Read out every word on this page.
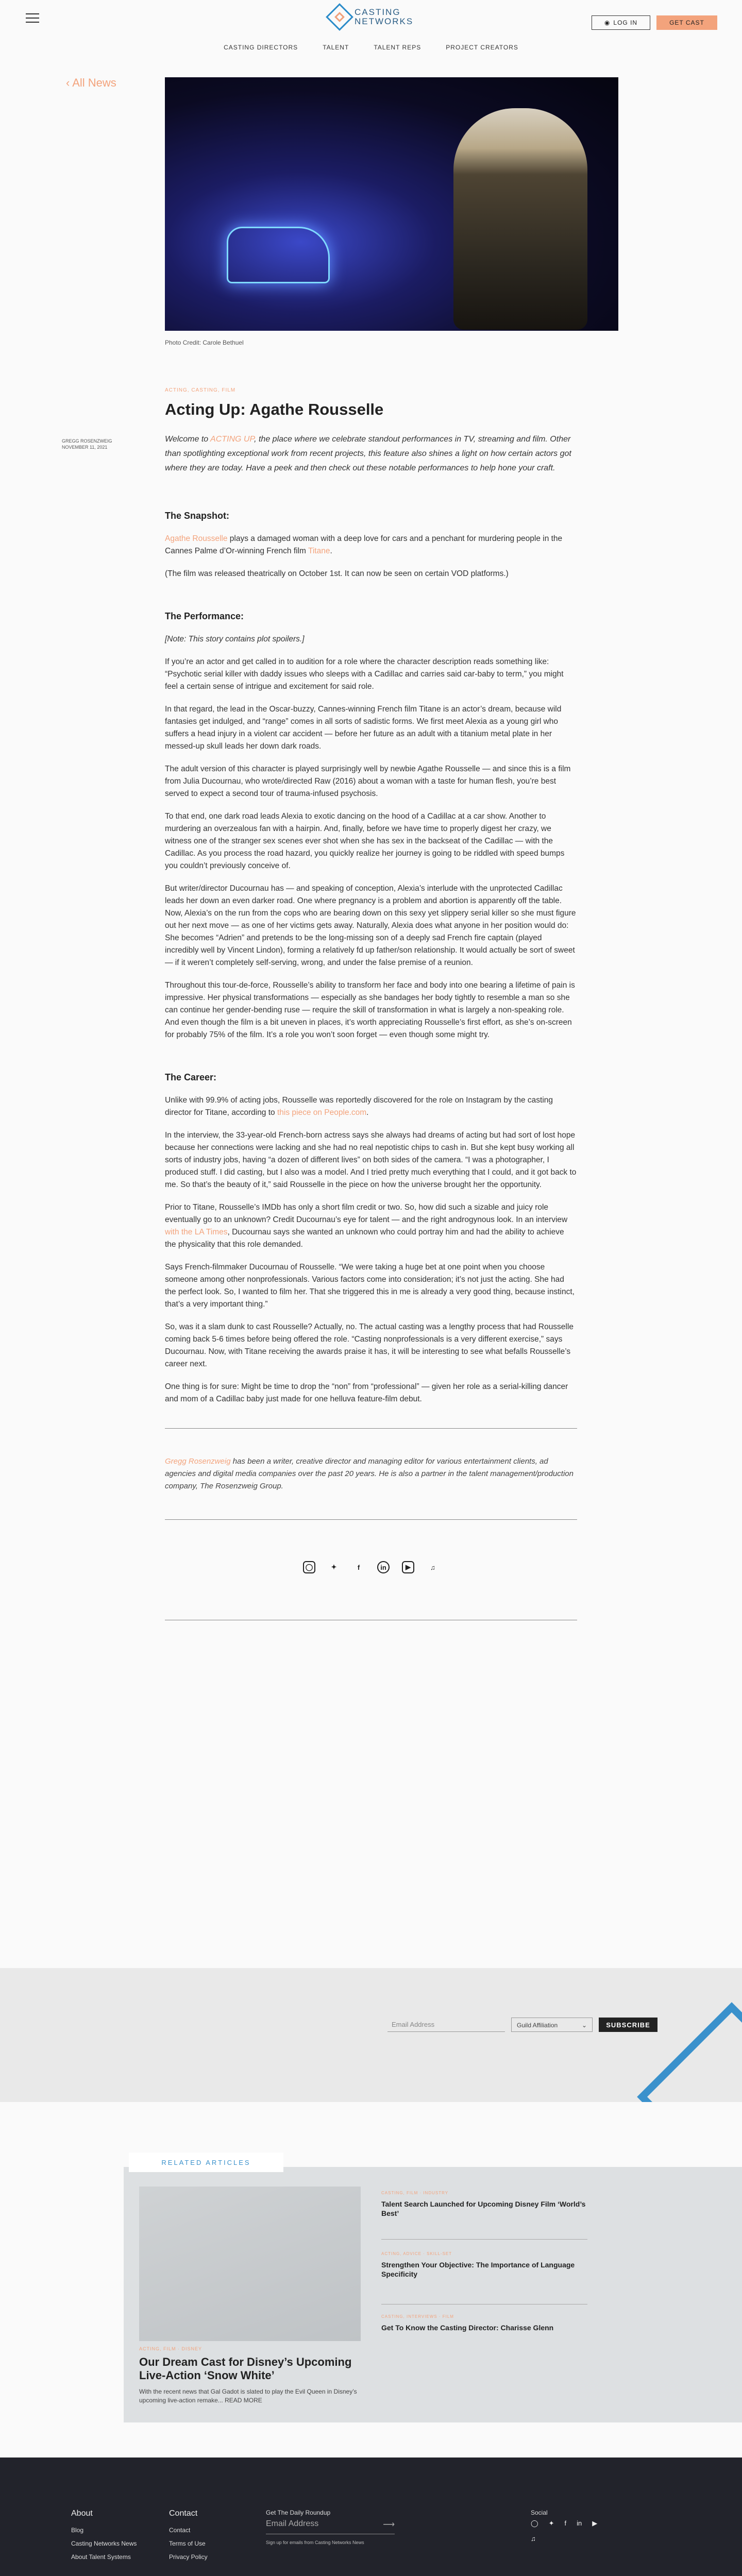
CASTING
NETWORKS	◉ LOG IN	GET CAST
CASTING DIRECTORS	TALENT	TALENT REPS	PROJECT CREATORS
‹ All News
Photo Credit: Carole Bethuel
GREGG ROSENZWEIG
NOVEMBER 11, 2021
ACTING, CASTING, FILM
Acting Up: Agathe Rousselle
Welcome to ACTING UP, the place where we celebrate standout performances in TV, streaming and film. Other than spotlighting exceptional work from recent projects, this feature also shines a light on how certain actors got where they are today. Have a peek and then check out these notable performances to help hone your craft.
The Snapshot:

Agathe Rousselle plays a damaged woman with a deep love for cars and a penchant for murdering people in the Cannes Palme d’Or-winning French film Titane.

(The film was released theatrically on October 1st. It can now be seen on certain VOD platforms.)

The Performance:

[Note: This story contains plot spoilers.]

If you’re an actor and get called in to audition for a role where the character description reads something like: “Psychotic serial killer with daddy issues who sleeps with a Cadillac and carries said car-baby to term,” you might feel a certain sense of intrigue and excitement for said role.

In that regard, the lead in the Oscar-buzzy, Cannes-winning French film Titane is an actor’s dream, because wild fantasies get indulged, and “range” comes in all sorts of sadistic forms. We first meet Alexia as a young girl who suffers a head injury in a violent car accident — before her future as an adult with a titanium metal plate in her messed-up skull leads her down dark roads.

The adult version of this character is played surprisingly well by newbie Agathe Rousselle — and since this is a film from Julia Ducournau, who wrote/directed Raw (2016) about a woman with a taste for human flesh, you’re best served to expect a second tour of trauma-infused psychosis.

To that end, one dark road leads Alexia to exotic dancing on the hood of a Cadillac at a car show. Another to murdering an overzealous fan with a hairpin. And, finally, before we have time to properly digest her crazy, we witness one of the stranger sex scenes ever shot when she has sex in the backseat of the Cadillac — with the Cadillac. As you process the road hazard, you quickly realize her journey is going to be riddled with speed bumps you couldn’t previously conceive of.

But writer/director Ducournau has — and speaking of conception, Alexia’s interlude with the unprotected Cadillac leads her down an even darker road. One where pregnancy is a problem and abortion is apparently off the table. Now, Alexia’s on the run from the cops who are bearing down on this sexy yet slippery serial killer so she must figure out her next move — as one of her victims gets away. Naturally, Alexia does what anyone in her position would do: She becomes “Adrien” and pretends to be the long-missing son of a deeply sad French fire captain (played incredibly well by Vincent Lindon), forming a relatively fd up father/son relationship. It would actually be sort of sweet — if it weren’t completely self-serving, wrong, and under the false premise of a reunion.

Throughout this tour-de-force, Rousselle’s ability to transform her face and body into one bearing a lifetime of pain is impressive. Her physical transformations — especially as she bandages her body tightly to resemble a man so she can continue her gender-bending ruse — require the skill of transformation in what is largely a non-speaking role. And even though the film is a bit uneven in places, it’s worth appreciating Rousselle’s first effort, as she’s on-screen for probably 75% of the film. It’s a role you won’t soon forget — even though some might try.

The Career:

Unlike with 99.9% of acting jobs, Rousselle was reportedly discovered for the role on Instagram by the casting director for Titane, according to this piece on People.com.

In the interview, the 33-year-old French-born actress says she always had dreams of acting but had sort of lost hope because her connections were lacking and she had no real nepotistic chips to cash in. But she kept busy working all sorts of industry jobs, having “a dozen of different lives” on both sides of the camera. “I was a photographer, I produced stuff. I did casting, but I also was a model. And I tried pretty much everything that I could, and it got back to me. So that’s the beauty of it,” said Rousselle in the piece on how the universe brought her the opportunity.

Prior to Titane, Rousselle’s IMDb has only a short film credit or two. So, how did such a sizable and juicy role eventually go to an unknown? Credit Ducournau’s eye for talent — and the right androgynous look. In an interview with the LA Times, Ducournau says she wanted an unknown who could portray him and had the ability to achieve the physicality that this role demanded.

Says French-filmmaker Ducournau of Rousselle. “We were taking a huge bet at one point when you choose someone among other nonprofessionals. Various factors come into consideration; it’s not just the acting. She had the perfect look. So, I wanted to film her. That she triggered this in me is already a very good thing, because instinct, that’s a very important thing.”

So, was it a slam dunk to cast Rousselle? Actually, no. The actual casting was a lengthy process that had Rousselle coming back 5-6 times before being offered the role. “Casting nonprofessionals is a very different exercise,” says Ducournau. Now, with Titane receiving the awards praise it has, it will be interesting to see what befalls Rousselle’s career next.

One thing is for sure: Might be time to drop the “non” from “professional” — given her role as a serial-killing dancer and mom of a Cadillac baby just made for one helluva feature-film debut.

Gregg Rosenzweig has been a writer, creative director and managing editor for various entertainment clients, ad agencies and digital media companies over the past 20 years. He is also a partner in the talent management/production company, The Rosenzweig Group.
◯	✦	f	in	▶	♫
Email Address	Guild Affiliation	⌄	SUBSCRIBE
RELATED ARTICLES
ACTING, FILM · DISNEY
Our Dream Cast for Disney’s Upcoming Live-Action ‘Snow White’
With the recent news that Gal Gadot is slated to play the Evil Queen in Disney’s upcoming live-action remake... READ MORE
CASTING, FILM · INDUSTRY
Talent Search Launched for Upcoming Disney Film ‘World’s Best’
ACTING, ADVICE · SKILL-SET
Strengthen Your Objective: The Importance of Language Specificity
CASTING, INTERVIEWS · FILM
Get To Know the Casting Director: Charisse Glenn
About
Blog
Casting Networks News
About Talent Systems
Contact
Contact
Terms of Use
Privacy Policy
Get The Daily Roundup
Email Address	⟶
Sign up for emails from Casting Networks News
Social
◯ ✦ f in ▶
♫
